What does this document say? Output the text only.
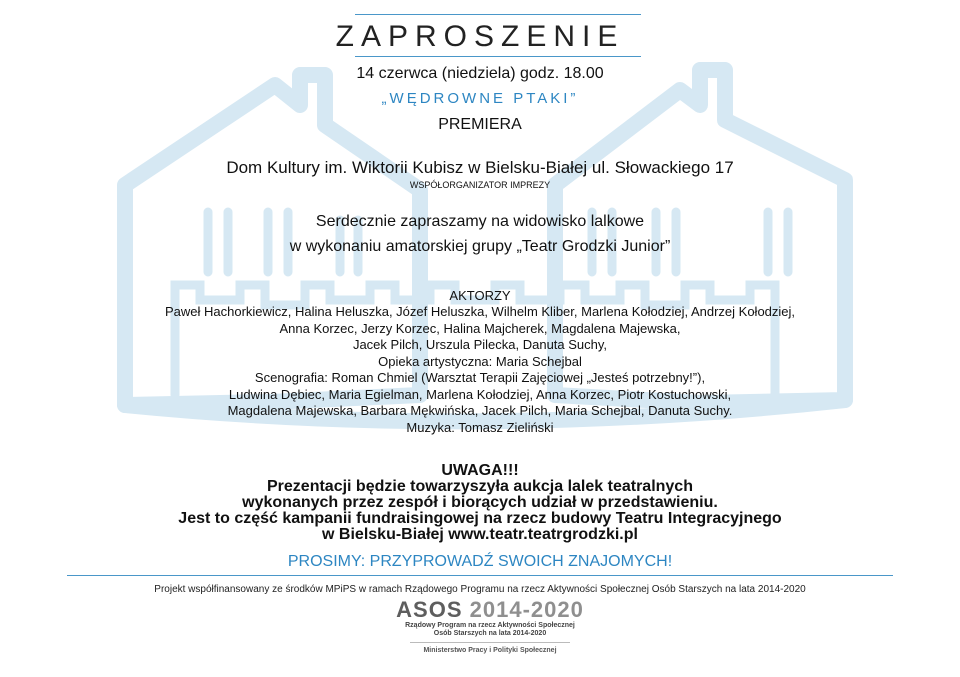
ZAPROSZENIE
14 czerwca (niedziela) godz. 18.00
„WĘDROWNE PTAKI”
PREMIERA
Dom Kultury im. Wiktorii Kubisz w Bielsku-Białej ul. Słowackiego 17
WSPÓŁORGANIZATOR IMPREZY
Serdecznie zapraszamy na widowisko lalkowe
w wykonaniu amatorskiej grupy „Teatr Grodzki Junior”
AKTORZY
Paweł Hachorkiewicz, Halina Heluszka, Józef Heluszka, Wilhelm Kliber, Marlena Kołodziej, Andrzej Kołodziej,
Anna Korzec, Jerzy Korzec, Halina Majcherek, Magdalena Majewska,
Jacek Pilch, Urszula Pilecka, Danuta Suchy,
Opieka artystyczna: Maria Schejbal
Scenografia: Roman Chmiel (Warsztat Terapii Zajęciowej „Jesteś potrzebny!”),
Ludwina Dębiec, Maria Egielman, Marlena Kołodziej, Anna Korzec, Piotr Kostuchowski,
Magdalena Majewska, Barbara Mękwińska, Jacek Pilch, Maria Schejbal, Danuta Suchy.
Muzyka: Tomasz Zieliński
UWAGA!!!
Prezentacji będzie towarzyszyła aukcja lalek teatralnych
wykonanych przez zespół i biorących udział w przedstawieniu.
Jest to część kampanii fundraisingowej na rzecz budowy Teatru Integracyjnego
w Bielsku-Białej www.teatr.teatrgrodzki.pl
PROSIMY: PRZYPROWADŹ SWOICH ZNAJOMYCH!
Projekt współfinansowany ze środków MPiPS w ramach Rządowego Programu na rzecz Aktywności Społecznej Osób Starszych na lata 2014-2020
ASOS 2014-2020
Rządowy Program na rzecz Aktywności Społecznej
Osób Starszych na lata 2014-2020
Ministerstwo Pracy i Polityki Społecznej
